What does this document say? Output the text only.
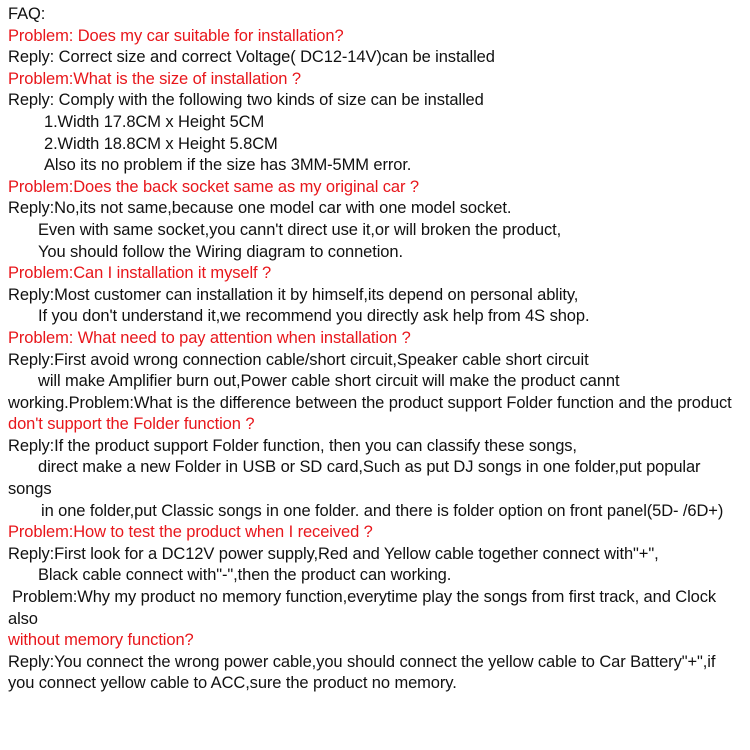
FAQ:
Problem: Does my car suitable for installation?
Reply: Correct size and correct Voltage( DC12-14V)can be installed
Problem:What is the size of installation ?
Reply: Comply with the following two kinds of size can be installed
1.Width 17.8CM x Height 5CM
2.Width 18.8CM x Height 5.8CM
Also its no problem if the size has 3MM-5MM error.
Problem:Does the back socket same as my original car ?
Reply:No,its not same,because one model car with one model socket.
Even with same socket,you cann't direct use it,or will broken the product,
You should follow the Wiring diagram to connetion.
Problem:Can I installation it myself ?
Reply:Most customer can installation it by himself,its depend on personal ablity,
If you don't understand it,we recommend you directly ask help from 4S shop.
Problem: What need to pay attention when installation ?
Reply:First avoid wrong connection cable/short circuit,Speaker cable short circuit
will make Amplifier burn out,Power cable short circuit will make the product cannt
working.Problem:What is the difference between the product support Folder function and the product
don't support the Folder function ?
Reply:If the product support Folder function, then you can classify these songs,
direct make a new Folder in USB or SD card,Such as put DJ songs in one folder,put popular songs
in one folder,put Classic songs in one folder. and there is folder option on front panel(5D- /6D+)
Problem:How to test the product when I received ?
Reply:First look for a DC12V power supply,Red and Yellow cable together connect with"+",
Black cable connect with"-",then the product can working.
Problem:Why my product no memory function,everytime play the songs from first track, and Clock also
without memory function?
Reply:You connect the wrong power cable,you should connect the yellow cable to Car Battery"+",if you connect yellow cable to ACC,sure the product no memory.
